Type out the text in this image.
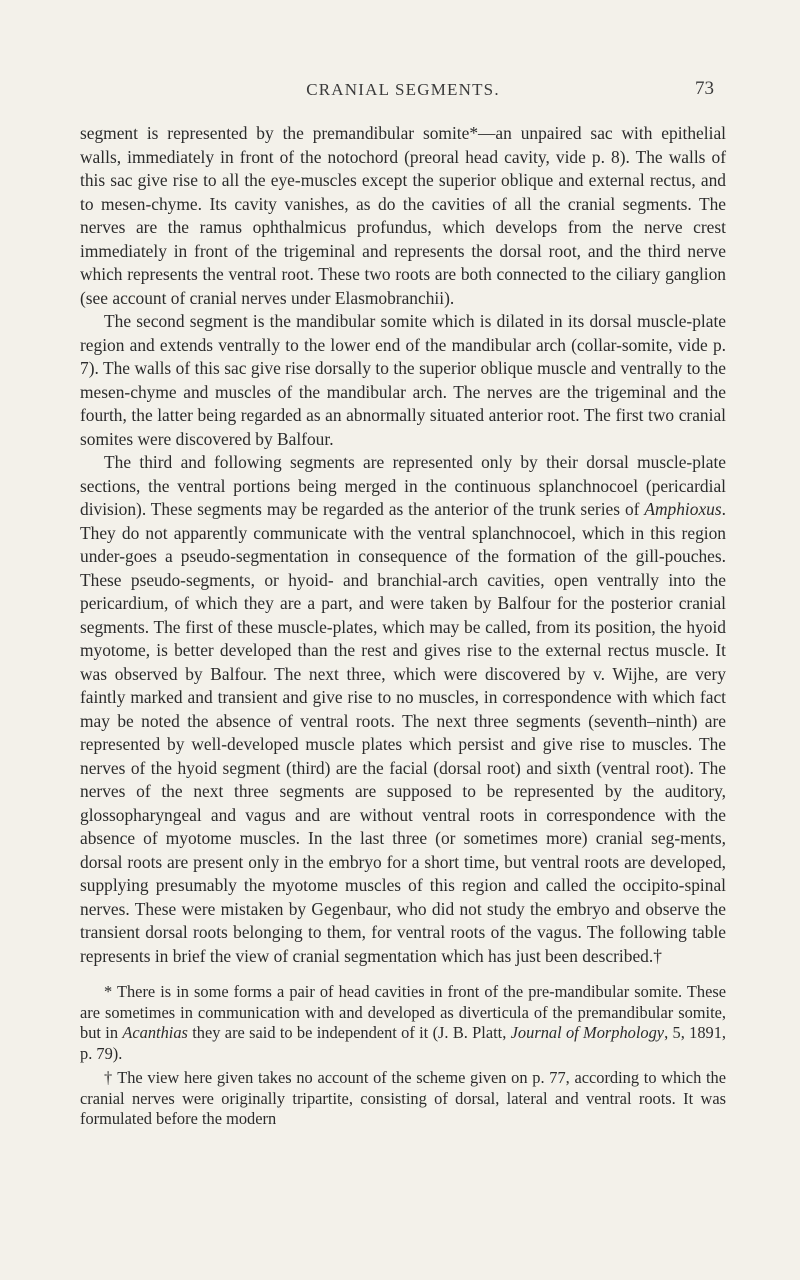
CRANIAL SEGMENTS.	73

segment is represented by the premandibular somite*—an unpaired sac with epithelial walls, immediately in front of the notochord (preoral head cavity, vide p. 8). The walls of this sac give rise to all the eye-muscles except the superior oblique and external rectus, and to mesen-chyme. Its cavity vanishes, as do the cavities of all the cranial segments. The nerves are the ramus ophthalmicus profundus, which develops from the nerve crest immediately in front of the trigeminal and represents the dorsal root, and the third nerve which represents the ventral root. These two roots are both connected to the ciliary ganglion (see account of cranial nerves under Elasmobranchii).

The second segment is the mandibular somite which is dilated in its dorsal muscle-plate region and extends ventrally to the lower end of the mandibular arch (collar-somite, vide p. 7). The walls of this sac give rise dorsally to the superior oblique muscle and ventrally to the mesen-chyme and muscles of the mandibular arch. The nerves are the trigeminal and the fourth, the latter being regarded as an abnormally situated anterior root. The first two cranial somites were discovered by Balfour.

The third and following segments are represented only by their dorsal muscle-plate sections, the ventral portions being merged in the continuous splanchnocoel (pericardial division). These segments may be regarded as the anterior of the trunk series of Amphioxus. They do not apparently communicate with the ventral splanchnocoel, which in this region under-goes a pseudo-segmentation in consequence of the formation of the gill-pouches. These pseudo-segments, or hyoid- and branchial-arch cavities, open ventrally into the pericardium, of which they are a part, and were taken by Balfour for the posterior cranial segments. The first of these muscle-plates, which may be called, from its position, the hyoid myotome, is better developed than the rest and gives rise to the external rectus muscle. It was observed by Balfour. The next three, which were discovered by v. Wijhe, are very faintly marked and transient and give rise to no muscles, in correspondence with which fact may be noted the absence of ventral roots. The next three segments (seventh–ninth) are represented by well-developed muscle plates which persist and give rise to muscles. The nerves of the hyoid segment (third) are the facial (dorsal root) and sixth (ventral root). The nerves of the next three segments are supposed to be represented by the auditory, glossopharyngeal and vagus and are without ventral roots in correspondence with the absence of myotome muscles. In the last three (or sometimes more) cranial seg-ments, dorsal roots are present only in the embryo for a short time, but ventral roots are developed, supplying presumably the myotome muscles of this region and called the occipito-spinal nerves. These were mistaken by Gegenbaur, who did not study the embryo and observe the transient dorsal roots belonging to them, for ventral roots of the vagus. The following table represents in brief the view of cranial segmentation which has just been described.†

* There is in some forms a pair of head cavities in front of the pre-mandibular somite. These are sometimes in communication with and developed as diverticula of the premandibular somite, but in Acanthias they are said to be independent of it (J. B. Platt, Journal of Morphology, 5, 1891, p. 79).

† The view here given takes no account of the scheme given on p. 77, according to which the cranial nerves were originally tripartite, consisting of dorsal, lateral and ventral roots. It was formulated before the modern
